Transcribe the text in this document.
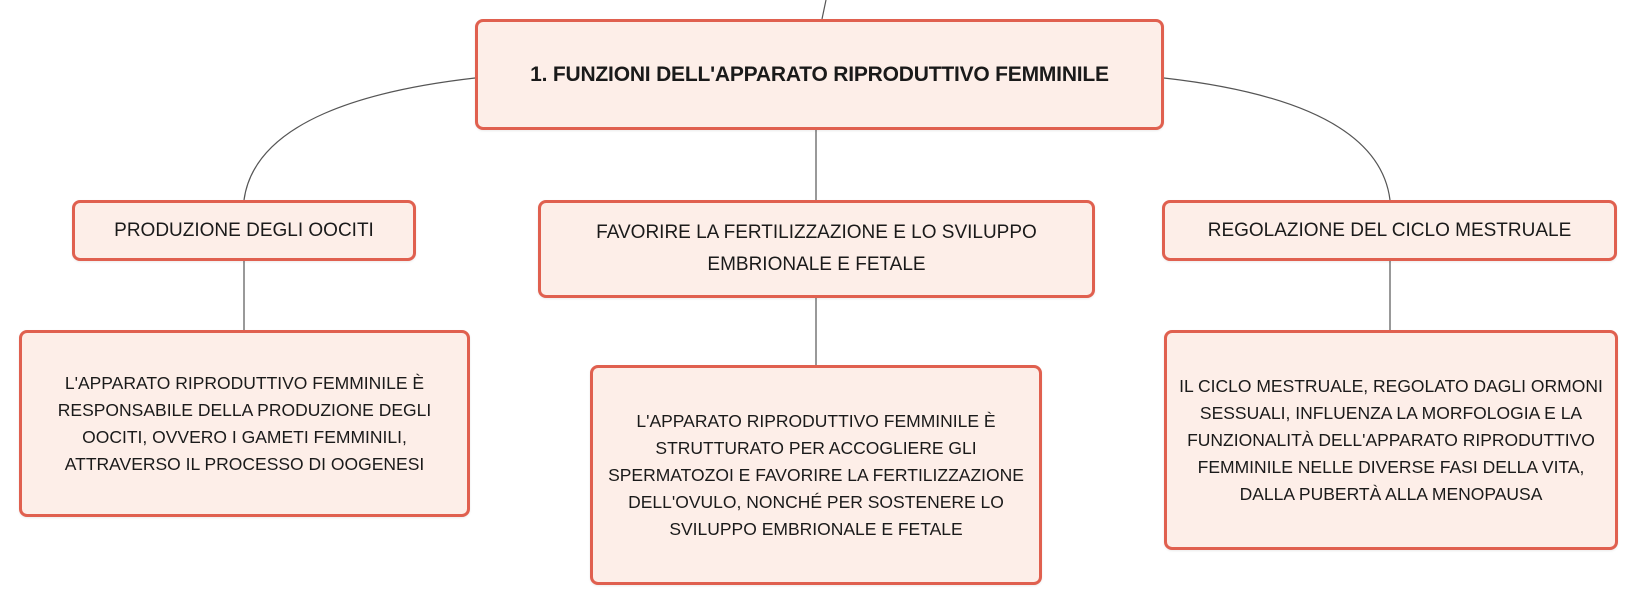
1. FUNZIONI DELL'APPARATO RIPRODUTTIVO FEMMINILE
PRODUZIONE DEGLI OOCITI	FAVORIRE LA FERTILIZZAZIONE E LO SVILUPPO EMBRIONALE E FETALE
REGOLAZIONE DEL CICLO MESTRUALE
L'APPARATO RIPRODUTTIVO FEMMINILE È RESPONSABILE DELLA PRODUZIONE DEGLI OOCITI, OVVERO I GAMETI FEMMINILI, ATTRAVERSO IL PROCESSO DI OOGENESI
L'APPARATO RIPRODUTTIVO FEMMINILE È STRUTTURATO PER ACCOGLIERE GLI SPERMATOZOI E FAVORIRE LA FERTILIZZAZIONE DELL'OVULO, NONCHÉ PER SOSTENERE LO SVILUPPO EMBRIONALE E FETALE
IL CICLO MESTRUALE, REGOLATO DAGLI ORMONI SESSUALI, INFLUENZA LA MORFOLOGIA E LA FUNZIONALITÀ DELL'APPARATO RIPRODUTTIVO FEMMINILE NELLE DIVERSE FASI DELLA VITA, DALLA PUBERTÀ ALLA MENOPAUSA
